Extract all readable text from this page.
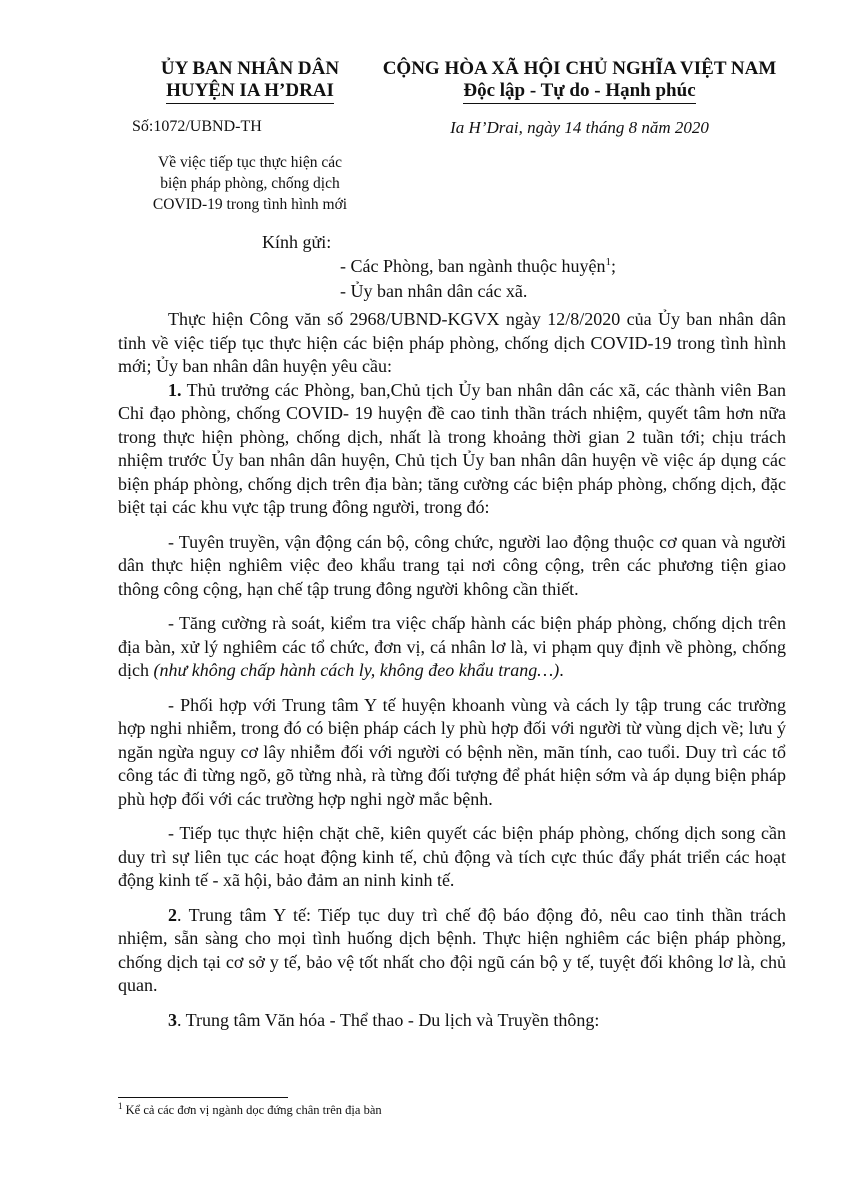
ỦY BAN NHÂN DÂN
HUYỆN IA H’DRAI
CỘNG HÒA XÃ HỘI CHỦ NGHĨA VIỆT NAM
Độc lập - Tự do - Hạnh phúc
Số:1072/UBND-TH	Ia H’Drai, ngày 14 tháng 8 năm 2020
Về việc tiếp tục thực hiện các
biện pháp phòng, chống dịch
COVID-19 trong tình hình mới
Kính gửi:
- Các Phòng, ban ngành thuộc huyện$^1$;
- Ủy ban nhân dân các xã.

Thực hiện Công văn số 2968/UBND-KGVX ngày 12/8/2020 của Ủy ban nhân dân tỉnh về việc tiếp tục thực hiện các biện pháp phòng, chống dịch COVID-19 trong tình hình mới; Ủy ban nhân dân huyện yêu cầu:

1. Thủ trưởng các Phòng, ban,Chủ tịch Ủy ban nhân dân các xã, các thành viên Ban Chỉ đạo phòng, chống COVID- 19 huyện đề cao tinh thần trách nhiệm, quyết tâm hơn nữa trong thực hiện phòng, chống dịch, nhất là trong khoảng thời gian 2 tuần tới; chịu trách nhiệm trước Ủy ban nhân dân huyện, Chủ tịch Ủy ban nhân dân huyện về việc áp dụng các biện pháp phòng, chống dịch trên địa bàn; tăng cường các biện pháp phòng, chống dịch, đặc biệt tại các khu vực tập trung đông người, trong đó:

- Tuyên truyền, vận động cán bộ, công chức, người lao động thuộc cơ quan và người dân thực hiện nghiêm việc đeo khẩu trang tại nơi công cộng, trên các phương tiện giao thông công cộng, hạn chế tập trung đông người không cần thiết.

- Tăng cường rà soát, kiểm tra việc chấp hành các biện pháp phòng, chống dịch trên địa bàn, xử lý nghiêm các tổ chức, đơn vị, cá nhân lơ là, vi phạm quy định về phòng, chống dịch (như không chấp hành cách ly, không đeo khẩu trang…).

- Phối hợp với Trung tâm Y tế huyện khoanh vùng và cách ly tập trung các trường hợp nghi nhiễm, trong đó có biện pháp cách ly phù hợp đối với người từ vùng dịch về; lưu ý ngăn ngừa nguy cơ lây nhiễm đối với người có bệnh nền, mãn tính, cao tuổi. Duy trì các tổ công tác đi từng ngõ, gõ từng nhà, rà từng đối tượng để phát hiện sớm và áp dụng biện pháp phù hợp đối với các trường hợp nghi ngờ mắc bệnh.

- Tiếp tục thực hiện chặt chẽ, kiên quyết các biện pháp phòng, chống dịch song cần duy trì sự liên tục các hoạt động kinh tế, chủ động và tích cực thúc đẩy phát triển các hoạt động kinh tế - xã hội, bảo đảm an ninh kinh tế.

2. Trung tâm Y tế: Tiếp tục duy trì chế độ báo động đỏ, nêu cao tinh thần trách nhiệm, sẵn sàng cho mọi tình huống dịch bệnh. Thực hiện nghiêm các biện pháp phòng, chống dịch tại cơ sở y tế, bảo vệ tốt nhất cho đội ngũ cán bộ y tế, tuyệt đối không lơ là, chủ quan.

3. Trung tâm Văn hóa - Thể thao - Du lịch và Truyền thông:

$^1$ Kể cả các đơn vị ngành dọc đứng chân trên địa bàn
